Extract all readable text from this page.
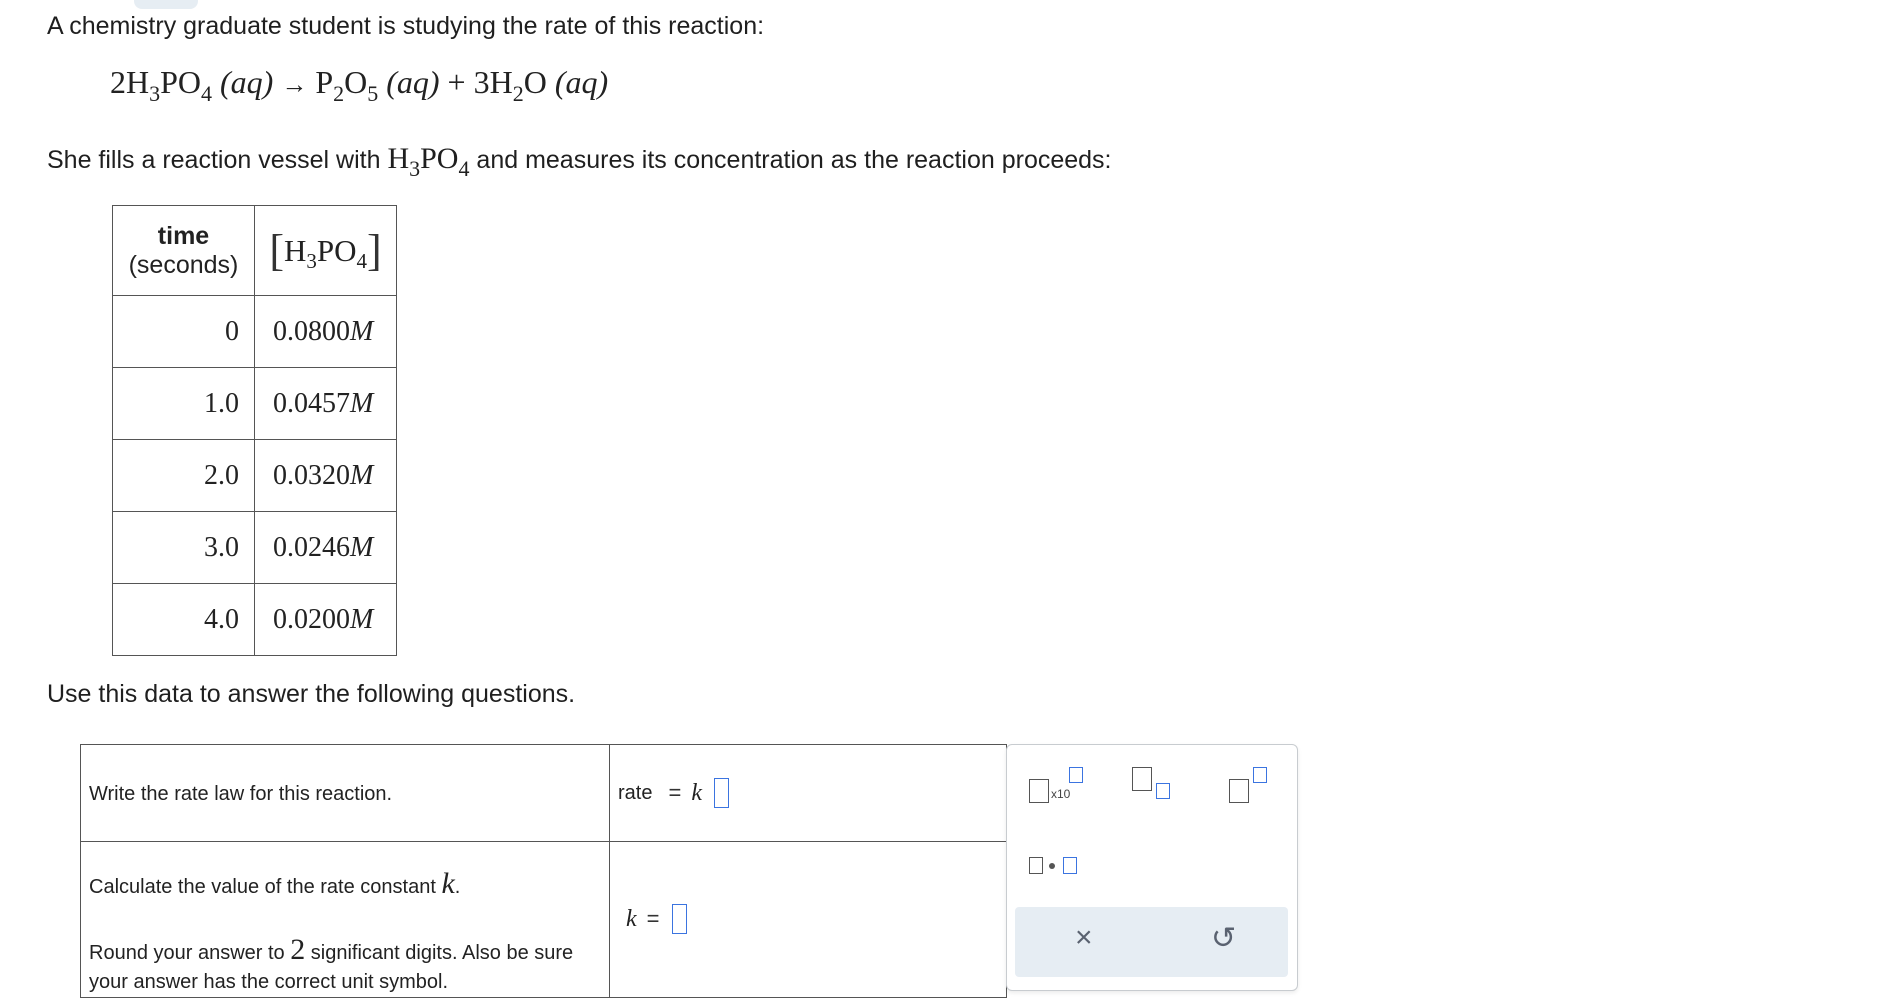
A chemistry graduate student is studying the rate of this reaction:
$2H_3PO_4$ $(aq) \to P_2O_5$ $(aq) + 3H_2O$ (aq)
She fills a reaction vessel with $H_3PO_4$ and measures its concentration as the reaction proceeds:
time
(seconds)	$[H_3PO_4]$
0	0.0800M
1.0	0.0457M
2.0	0.0320M
3.0	0.0246M
4.0	0.0200M
Use this data to answer the following questions.
Write the rate law for this reaction.	rate = k

Calculate the value of the rate constant k.
Round your answer to 2 significant digits. Also be sure your answer has the correct unit symbol.	k =
x10
×	↺
